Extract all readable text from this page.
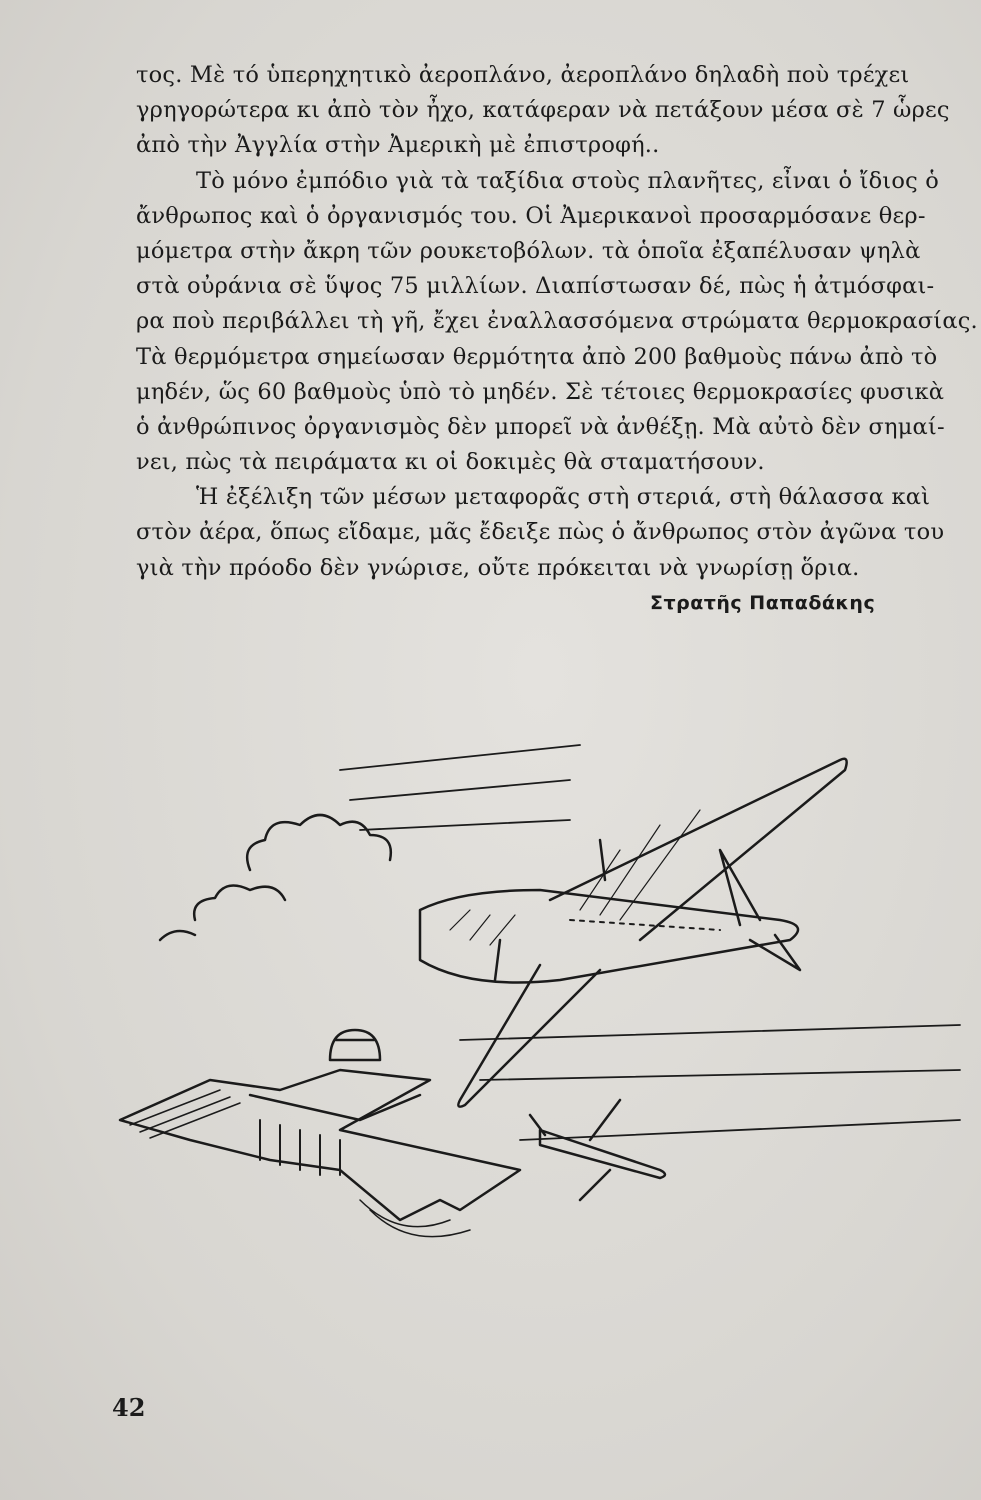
τος. Μὲ τό ὑπερηχητικὸ ἀεροπλάνο, ἀεροπλάνο δηλαδὴ ποὺ τρέχει
γρηγορώτερα κι ἀπὸ τὸν ἦχο, κατάφεραν νὰ πετάξουν μέσα σὲ 7 ὧρες
ἀπὸ τὴν Ἀγγλία στὴν Ἀμερικὴ μὲ ἐπιστροφή..
Τὸ μόνο ἐμπόδιο γιὰ τὰ ταξίδια στοὺς πλανῆτες, εἶναι ὁ ἴδιος ὁ
ἄνθρωπος καὶ ὁ ὀργανισμός του. Οἱ Ἀμερικανοὶ προσαρμόσανε θερ-
μόμετρα στὴν ἄκρη τῶν ρουκετοβόλων. τὰ ὁποῖα ἐξαπέλυσαν ψηλὰ
στὰ οὐράνια σὲ ὕψος 75 μιλλίων. Διαπίστωσαν δέ, πὼς ἡ ἀτμόσφαι-
ρα ποὺ περιβάλλει τὴ γῆ, ἔχει ἐναλλασσόμενα στρώματα θερμοκρασίας.
Τὰ θερμόμετρα σημείωσαν θερμότητα ἀπὸ 200 βαθμοὺς πάνω ἀπὸ τὸ
μηδέν, ὥς 60 βαθμοὺς ὑπὸ τὸ μηδέν. Σὲ τέτοιες θερμοκρασίες φυσικὰ
ὁ ἀνθρώπινος ὀργανισμὸς δὲν μπορεῖ νὰ ἀνθέξῃ. Μὰ αὐτὸ δὲν σημαί-
νει, πὼς τὰ πειράματα κι οἱ δοκιμὲς θὰ σταματήσουν.
Ἡ ἐξέλιξη τῶν μέσων μεταφορᾶς στὴ στεριά, στὴ θάλασσα καὶ
στὸν ἀέρα, ὅπως εἴδαμε, μᾶς ἔδειξε πὼς ὁ ἄνθρωπος στὸν ἀγῶνα του
γιὰ τὴν πρόοδο δὲν γνώρισε, οὔτε πρόκειται νὰ γνωρίσῃ ὅρια.
Στρατῆς Παπαδάκης
42
